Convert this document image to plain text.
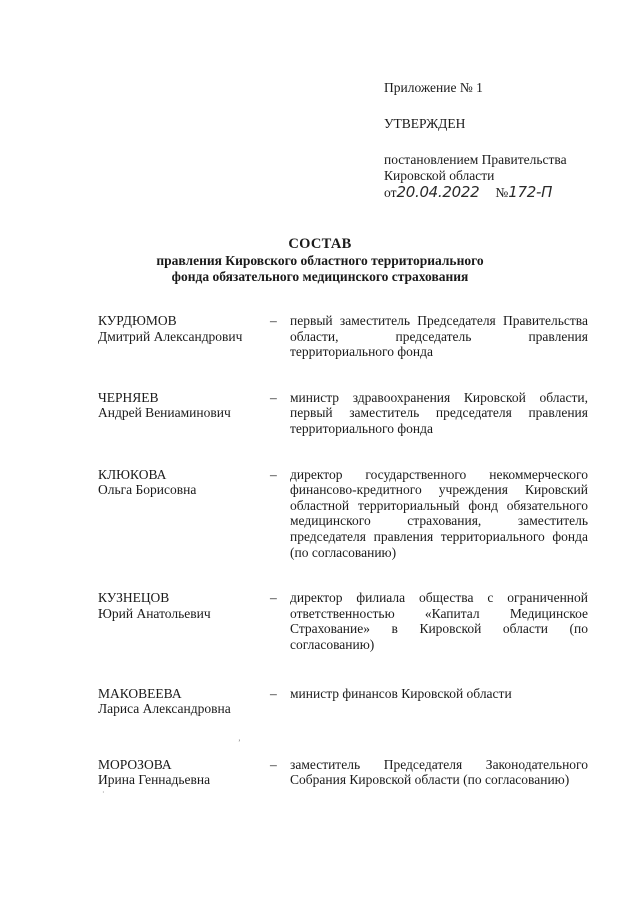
Приложение № 1
УТВЕРЖДЕН
постановлением Правительства
Кировской области
от20.04.2022 №172-П
СОСТАВ
правления Кировского областного территориального
фонда обязательного медицинского страхования
КУРДЮМОВ
Дмитрий Александрович
– первый заместитель Председателя Правительства области, председатель правления территориального фонда
ЧЕРНЯЕВ
Андрей Вениаминович
– министр здравоохранения Кировской области, первый заместитель председателя правления территориального фонда
КЛЮКОВА
Ольга Борисовна
– директор государственного некоммерческого финансово-кредитного учреждения Кировский областной территориальный фонд обязательного медицинского страхования, заместитель председателя правления территориального фонда (по согласованию)
КУЗНЕЦОВ
Юрий Анатольевич
– директор филиала общества с ограниченной ответственностью «Капитал Медицинское Страхование» в Кировской области (по согласованию)
МАКОВЕЕВА
Лариса Александровна
– министр финансов Кировской области
МОРОЗОВА
Ирина Геннадьевна
– заместитель Председателя Законодательного Собрания Кировской области (по согласованию)
ʼ
·
